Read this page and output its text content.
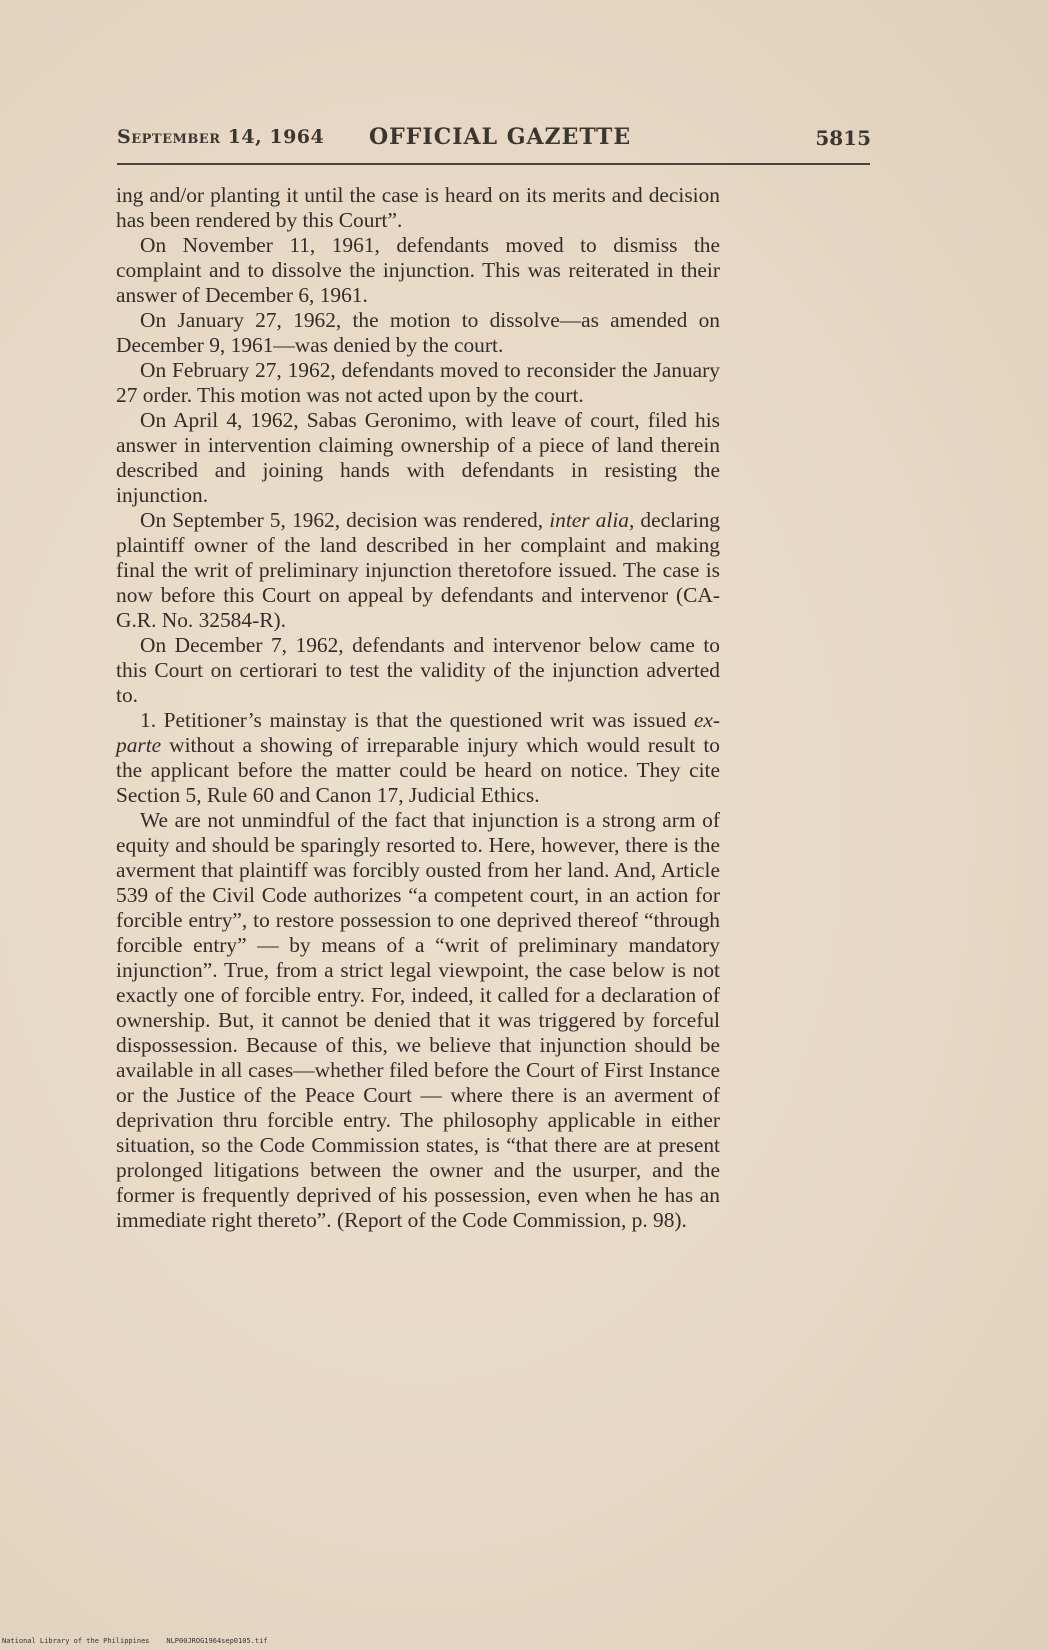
September 14, 1964 OFFICIAL GAZETTE	5815

ing and/or planting it until the case is heard on its merits and decision has been rendered by this Court”.

On November 11, 1961, defendants moved to dismiss the complaint and to dissolve the injunction. This was reiterated in their answer of December 6, 1961.

On January 27, 1962, the motion to dissolve—as amended on December 9, 1961—was denied by the court.

On February 27, 1962, defendants moved to reconsider the January 27 order. This motion was not acted upon by the court.

On April 4, 1962, Sabas Geronimo, with leave of court, filed his answer in intervention claiming ownership of a piece of land therein described and joining hands with defendants in resisting the injunction.

On September 5, 1962, decision was rendered, inter alia, declaring plaintiff owner of the land described in her complaint and making final the writ of preliminary injunction theretofore issued. The case is now before this Court on appeal by defendants and intervenor (CA-G.R. No. 32584-R).

On December 7, 1962, defendants and intervenor below came to this Court on certiorari to test the validity of the injunction adverted to.

1. Petitioner’s mainstay is that the questioned writ was issued ex-parte without a showing of irreparable injury which would result to the applicant before the matter could be heard on notice. They cite Section 5, Rule 60 and Canon 17, Judicial Ethics.

We are not unmindful of the fact that injunction is a strong arm of equity and should be sparingly resorted to. Here, however, there is the averment that plaintiff was forcibly ousted from her land. And, Article 539 of the Civil Code authorizes “a competent court, in an action for forcible entry”, to restore possession to one deprived thereof “through forcible entry” — by means of a “writ of preliminary mandatory injunction”. True, from a strict legal viewpoint, the case below is not exactly one of forcible entry. For, indeed, it called for a declaration of ownership. But, it cannot be denied that it was triggered by forceful dispossession. Because of this, we believe that injunction should be available in all cases—whether filed before the Court of First Instance or the Justice of the Peace Court — where there is an averment of deprivation thru forcible entry. The philosophy applicable in either situation, so the Code Commission states, is “that there are at present prolonged litigations between the owner and the usurper, and the former is frequently deprived of his possession, even when he has an immediate right thereto”. (Report of the Code Commission, p. 98).

National Library of the Philippines NLP00JROG1964sep0105.tif
